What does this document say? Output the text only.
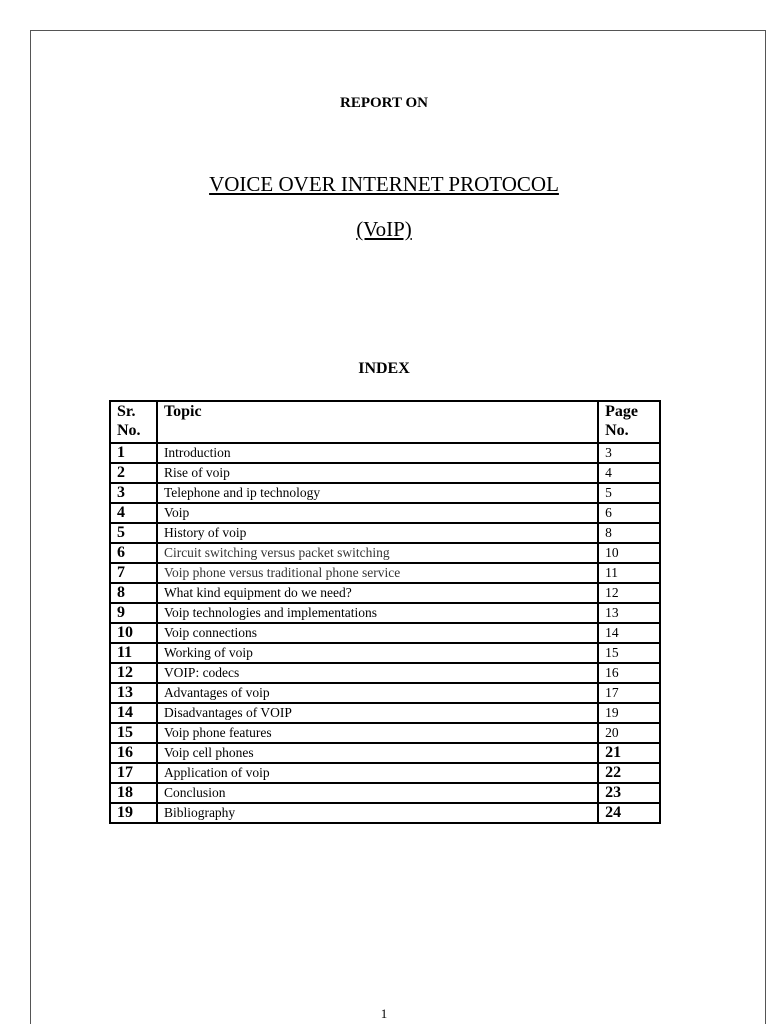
REPORT ON
VOICE OVER INTERNET PROTOCOL
(VoIP)
INDEX
Sr. No.	Topic	Page No.
1	Introduction	3
2	Rise of voip	4
3	Telephone and ip technology	5
4	Voip	6
5	History of voip	8
6	Circuit switching versus packet switching	10
7	Voip phone versus traditional phone service	11
8	What kind equipment do we need?	12
9	Voip technologies and implementations	13
10	Voip connections	14
11	Working of voip	15
12	VOIP: codecs	16
13	Advantages of voip	17
14	Disadvantages of VOIP	19
15	Voip phone features	20
16	Voip cell phones	21
17	Application of voip	22
18	Conclusion	23
19	Bibliography	24
1
